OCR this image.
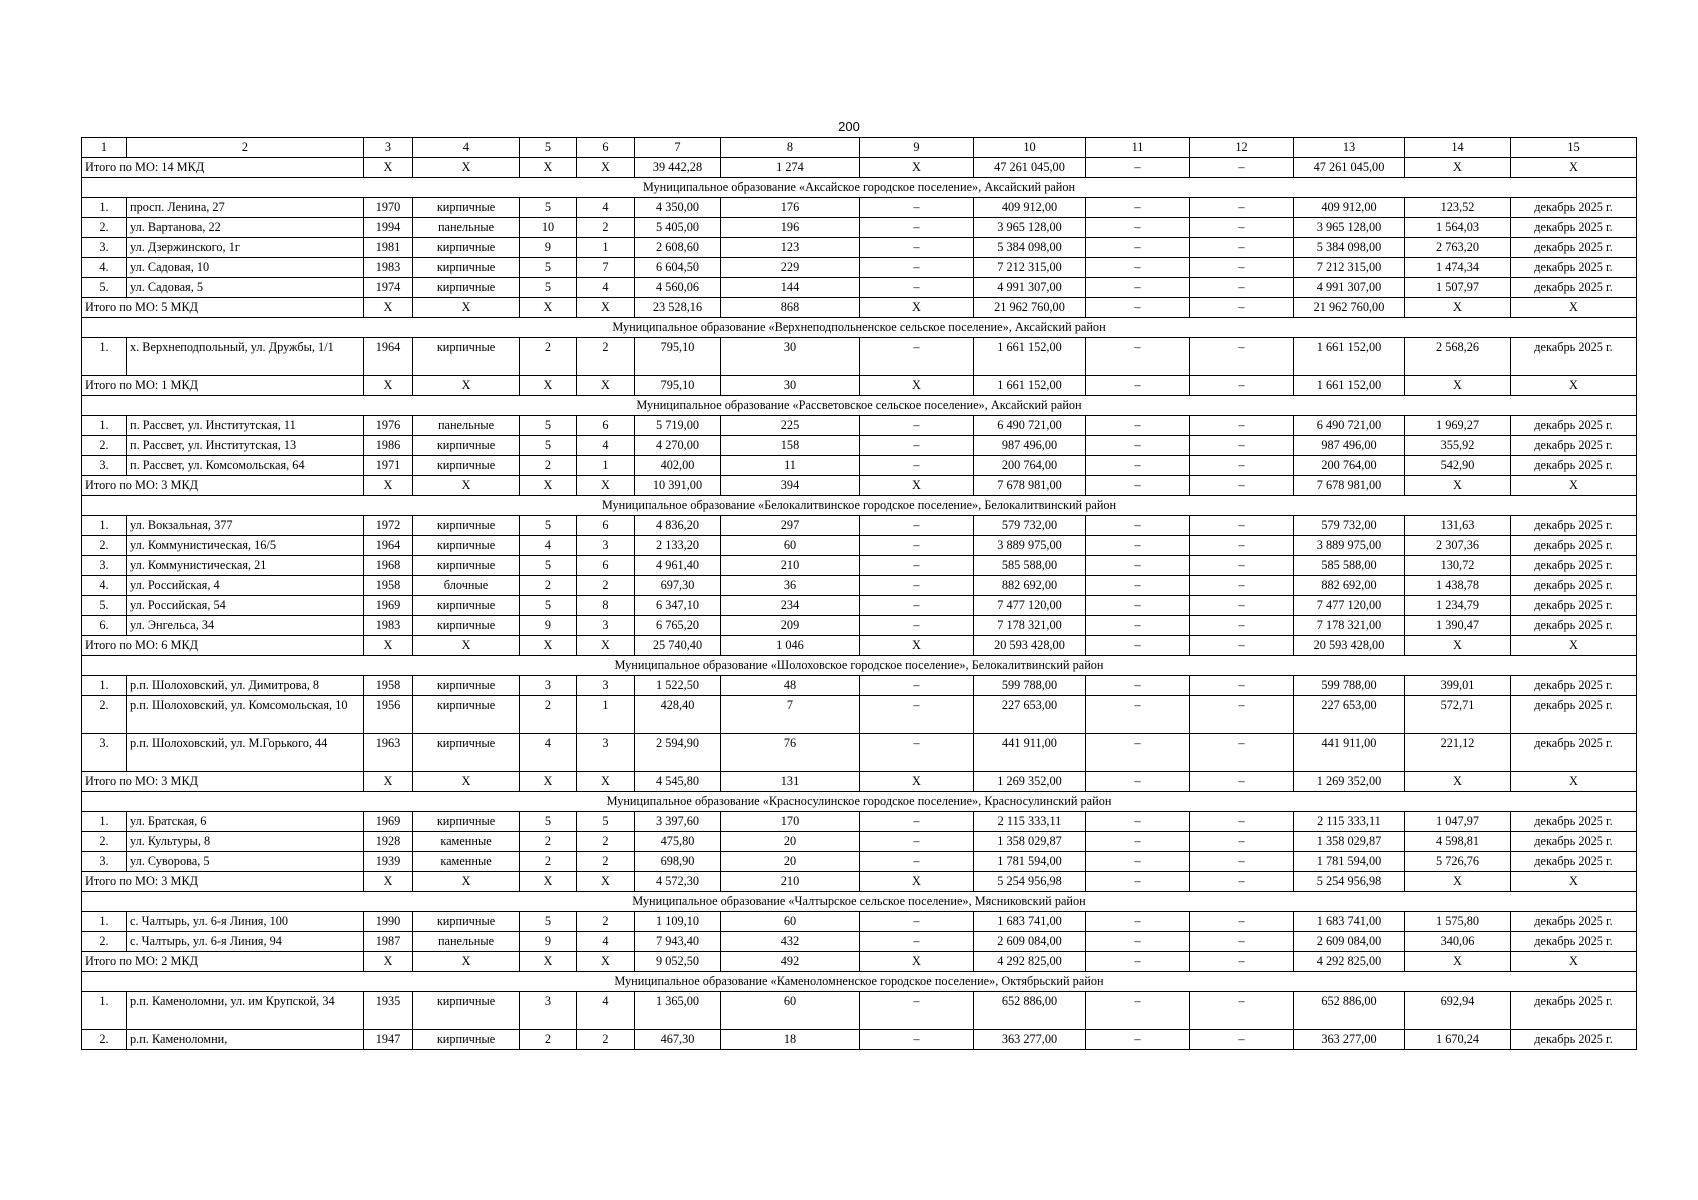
200
1	2	3	4	5	6	7	8	9	10	11	12	13	14	15
Итого по МО: 14 МКД		X	X	X	X	39 442,28	1 274	X	47 261 045,00	–	–	47 261 045,00	X	X
Муниципальное образование «Аксайское городское поселение», Аксайский район														
1.	просп. Ленина, 27	1970	кирпичные	5	4	4 350,00	176	–	409 912,00	–	–	409 912,00	123,52	декабрь 2025 г.
2.	ул. Вартанова, 22	1994	панельные	10	2	5 405,00	196	–	3 965 128,00	–	–	3 965 128,00	1 564,03	декабрь 2025 г.
3.	ул. Дзержинского, 1г	1981	кирпичные	9	1	2 608,60	123	–	5 384 098,00	–	–	5 384 098,00	2 763,20	декабрь 2025 г.
4.	ул. Садовая, 10	1983	кирпичные	5	7	6 604,50	229	–	7 212 315,00	–	–	7 212 315,00	1 474,34	декабрь 2025 г.
5.	ул. Садовая, 5	1974	кирпичные	5	4	4 560,06	144	–	4 991 307,00	–	–	4 991 307,00	1 507,97	декабрь 2025 г.
Итого по МО: 5 МКД		X	X	X	X	23 528,16	868	X	21 962 760,00	–	–	21 962 760,00	X	X
Муниципальное образование «Верхнеподпольненское сельское поселение», Аксайский район														
1.	х. Верхнеподпольный, ул. Дружбы, 1/1	1964	кирпичные	2	2	795,10	30	–	1 661 152,00	–	–	1 661 152,00	2 568,26	декабрь 2025 г.
Итого по МО: 1 МКД		X	X	X	X	795,10	30	X	1 661 152,00	–	–	1 661 152,00	X	X
Муниципальное образование «Рассветовское сельское поселение», Аксайский район														
1.	п. Рассвет, ул. Институтская, 11	1976	панельные	5	6	5 719,00	225	–	6 490 721,00	–	–	6 490 721,00	1 969,27	декабрь 2025 г.
2.	п. Рассвет, ул. Институтская, 13	1986	кирпичные	5	4	4 270,00	158	–	987 496,00	–	–	987 496,00	355,92	декабрь 2025 г.
3.	п. Рассвет, ул. Комсомольская, 64	1971	кирпичные	2	1	402,00	11	–	200 764,00	–	–	200 764,00	542,90	декабрь 2025 г.
Итого по МО: 3 МКД		X	X	X	X	10 391,00	394	X	7 678 981,00	–	–	7 678 981,00	X	X
Муниципальное образование «Белокалитвинское городское поселение», Белокалитвинский район														
1.	ул. Вокзальная, 377	1972	кирпичные	5	6	4 836,20	297	–	579 732,00	–	–	579 732,00	131,63	декабрь 2025 г.
2.	ул. Коммунистическая, 16/5	1964	кирпичные	4	3	2 133,20	60	–	3 889 975,00	–	–	3 889 975,00	2 307,36	декабрь 2025 г.
3.	ул. Коммунистическая, 21	1968	кирпичные	5	6	4 961,40	210	–	585 588,00	–	–	585 588,00	130,72	декабрь 2025 г.
4.	ул. Российская, 4	1958	блочные	2	2	697,30	36	–	882 692,00	–	–	882 692,00	1 438,78	декабрь 2025 г.
5.	ул. Российская, 54	1969	кирпичные	5	8	6 347,10	234	–	7 477 120,00	–	–	7 477 120,00	1 234,79	декабрь 2025 г.
6.	ул. Энгельса, 34	1983	кирпичные	9	3	6 765,20	209	–	7 178 321,00	–	–	7 178 321,00	1 390,47	декабрь 2025 г.
Итого по МО: 6 МКД		X	X	X	X	25 740,40	1 046	X	20 593 428,00	–	–	20 593 428,00	X	X
Муниципальное образование «Шолоховское городское поселение», Белокалитвинский район														
1.	р.п. Шолоховский, ул. Димитрова, 8	1958	кирпичные	3	3	1 522,50	48	–	599 788,00	–	–	599 788,00	399,01	декабрь 2025 г.
2.	р.п. Шолоховский, ул. Комсомольская, 10	1956	кирпичные	2	1	428,40	7	–	227 653,00	–	–	227 653,00	572,71	декабрь 2025 г.
3.	р.п. Шолоховский, ул. М.Горького, 44	1963	кирпичные	4	3	2 594,90	76	–	441 911,00	–	–	441 911,00	221,12	декабрь 2025 г.
Итого по МО: 3 МКД		X	X	X	X	4 545,80	131	X	1 269 352,00	–	–	1 269 352,00	X	X
Муниципальное образование «Красносулинское городское поселение», Красносулинский район														
1.	ул. Братская, 6	1969	кирпичные	5	5	3 397,60	170	–	2 115 333,11	–	–	2 115 333,11	1 047,97	декабрь 2025 г.
2.	ул. Культуры, 8	1928	каменные	2	2	475,80	20	–	1 358 029,87	–	–	1 358 029,87	4 598,81	декабрь 2025 г.
3.	ул. Суворова, 5	1939	каменные	2	2	698,90	20	–	1 781 594,00	–	–	1 781 594,00	5 726,76	декабрь 2025 г.
Итого по МО: 3 МКД		X	X	X	X	4 572,30	210	X	5 254 956,98	–	–	5 254 956,98	X	X
Муниципальное образование «Чалтырское сельское поселение», Мясниковский район														
1.	с. Чалтырь, ул. 6-я Линия, 100	1990	кирпичные	5	2	1 109,10	60	–	1 683 741,00	–	–	1 683 741,00	1 575,80	декабрь 2025 г.
2.	с. Чалтырь, ул. 6-я Линия, 94	1987	панельные	9	4	7 943,40	432	–	2 609 084,00	–	–	2 609 084,00	340,06	декабрь 2025 г.
Итого по МО: 2 МКД		X	X	X	X	9 052,50	492	X	4 292 825,00	–	–	4 292 825,00	X	X
Муниципальное образование «Каменоломненское городское поселение», Октябрьский район														
1.	р.п. Каменоломни, ул. им Крупской, 34	1935	кирпичные	3	4	1 365,00	60	–	652 886,00	–	–	652 886,00	692,94	декабрь 2025 г.
2.	р.п. Каменоломни,	1947	кирпичные	2	2	467,30	18	–	363 277,00	–	–	363 277,00	1 670,24	декабрь 2025 г.
